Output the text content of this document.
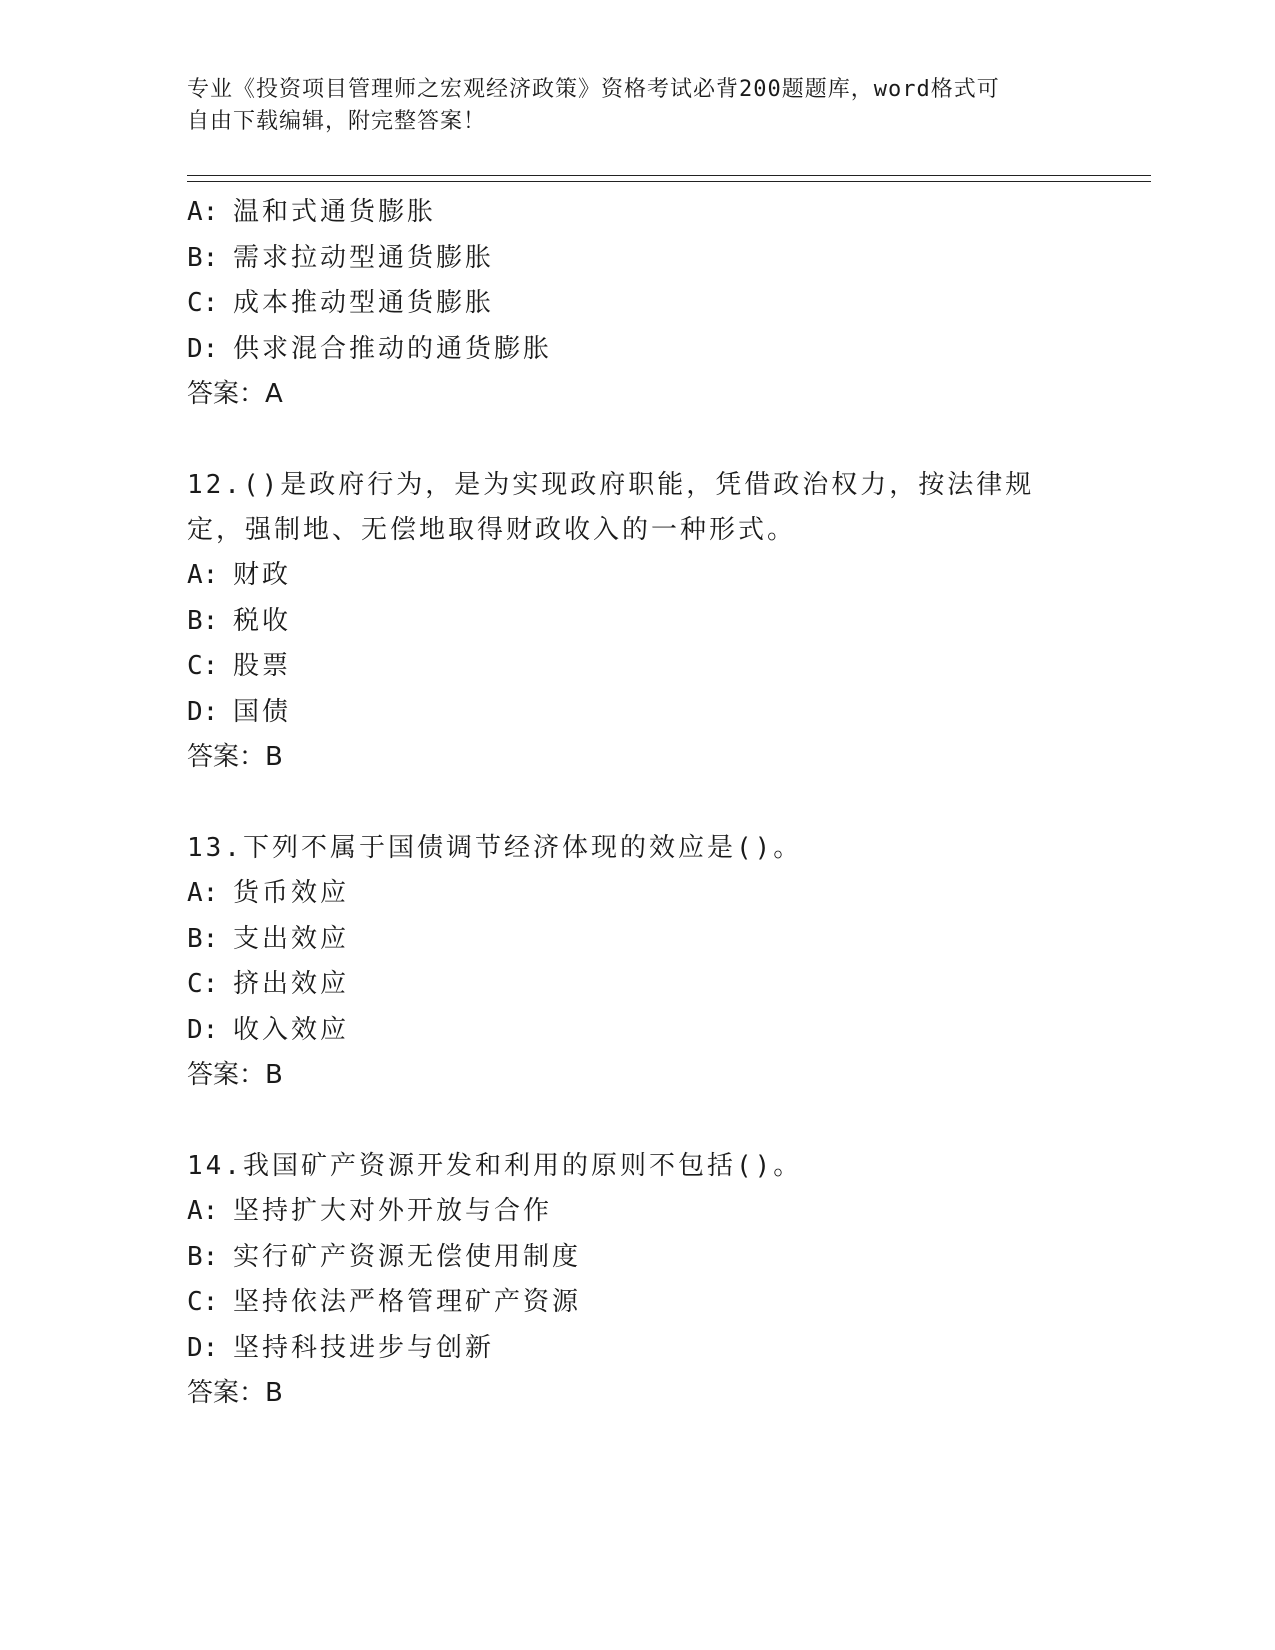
专业《投资项目管理师之宏观经济政策》资格考试必背200题题库，word格式可
自由下载编辑，附完整答案！
A: 温和式通货膨胀
B: 需求拉动型通货膨胀
C: 成本推动型通货膨胀
D: 供求混合推动的通货膨胀
答案：A
12.()是政府行为，是为实现政府职能，凭借政治权力，按法律规定，强制地、无偿地取得财政收入的一种形式。
A: 财政
B: 税收
C: 股票
D: 国债
答案：B
13.下列不属于国债调节经济体现的效应是()。
A: 货币效应
B: 支出效应
C: 挤出效应
D: 收入效应
答案：B
14.我国矿产资源开发和利用的原则不包括()。
A: 坚持扩大对外开放与合作
B: 实行矿产资源无偿使用制度
C: 坚持依法严格管理矿产资源
D: 坚持科技进步与创新
答案：B
